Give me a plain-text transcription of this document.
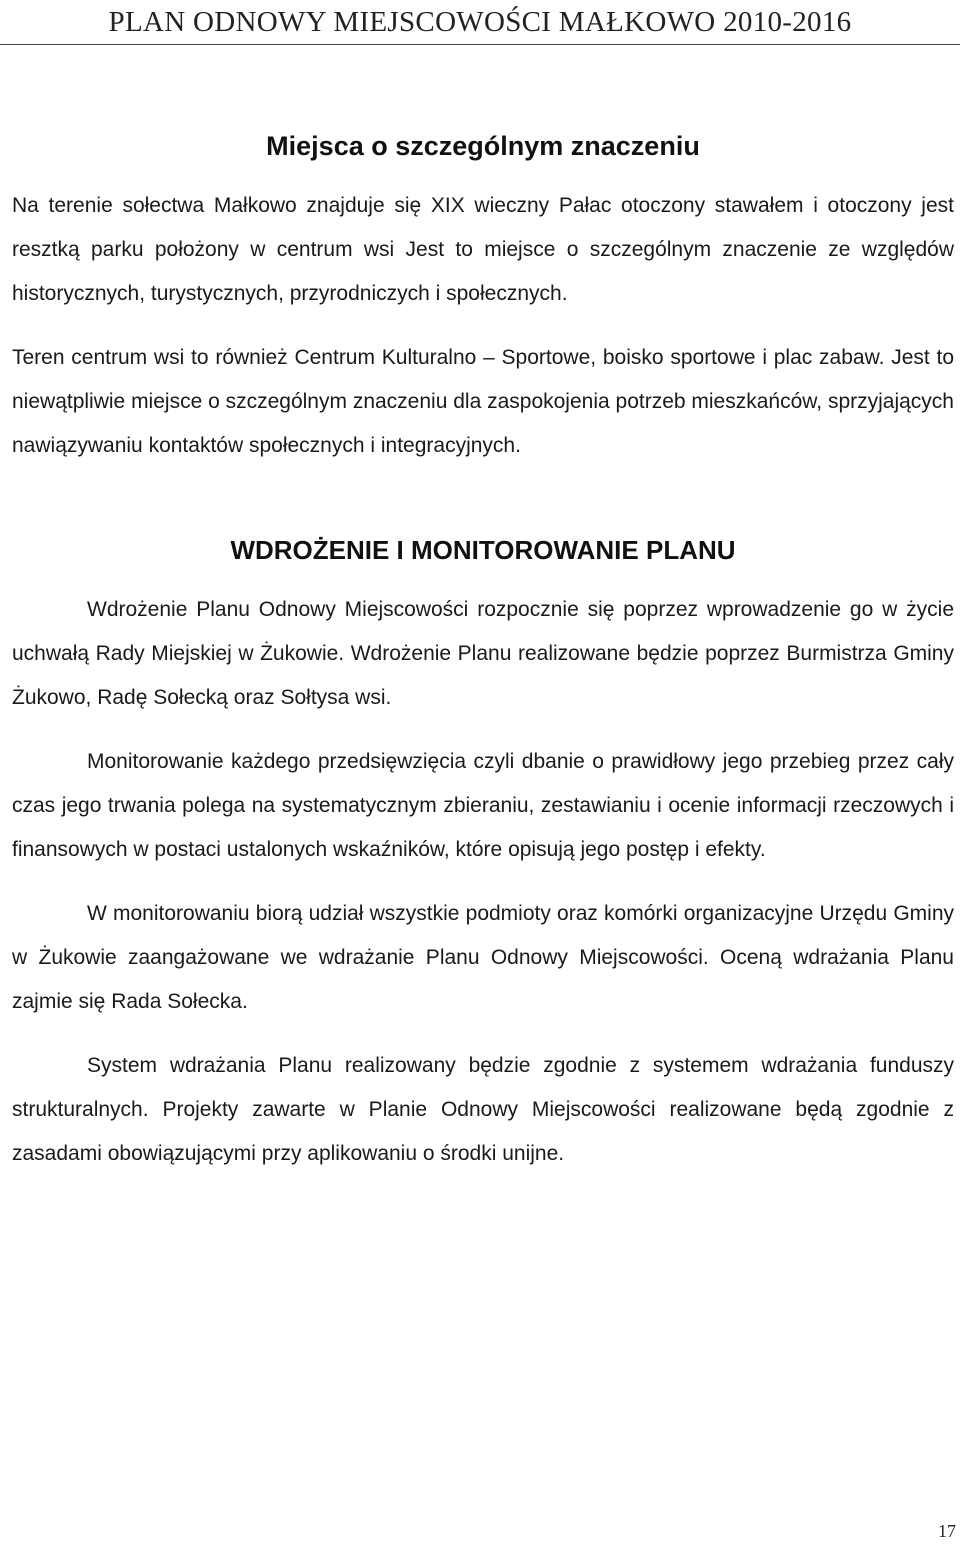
PLAN ODNOWY MIEJSCOWOŚCI MAŁKOWO 2010-2016
Miejsca o szczególnym znaczeniu

Na terenie sołectwa Małkowo znajduje się XIX wieczny Pałac otoczony stawałem i otoczony jest resztką parku położony w centrum wsi Jest to miejsce o szczególnym znaczenie ze względów historycznych, turystycznych, przyrodniczych i społecznych.

Teren centrum wsi to również Centrum Kulturalno – Sportowe, boisko sportowe i plac zabaw. Jest to niewątpliwie miejsce o szczególnym znaczeniu dla zaspokojenia potrzeb mieszkańców, sprzyjających nawiązywaniu kontaktów społecznych i integracyjnych.

WDROŻENIE I MONITOROWANIE PLANU

Wdrożenie Planu Odnowy Miejscowości rozpocznie się poprzez wprowadzenie go w życie uchwałą Rady Miejskiej w Żukowie. Wdrożenie Planu realizowane będzie poprzez Burmistrza Gminy Żukowo, Radę Sołecką oraz Sołtysa wsi.

Monitorowanie każdego przedsięwzięcia czyli dbanie o prawidłowy jego przebieg przez cały czas jego trwania polega na systematycznym zbieraniu, zestawianiu i ocenie informacji rzeczowych i finansowych w postaci ustalonych wskaźników, które opisują jego postęp i efekty.

W monitorowaniu biorą udział wszystkie podmioty oraz komórki organizacyjne Urzędu Gminy w Żukowie zaangażowane we wdrażanie Planu Odnowy Miejscowości. Oceną wdrażania Planu zajmie się Rada Sołecka.

System wdrażania Planu realizowany będzie zgodnie z systemem wdrażania funduszy strukturalnych. Projekty zawarte w Planie Odnowy Miejscowości realizowane będą zgodnie z zasadami obowiązującymi przy aplikowaniu o środki unijne.

17
